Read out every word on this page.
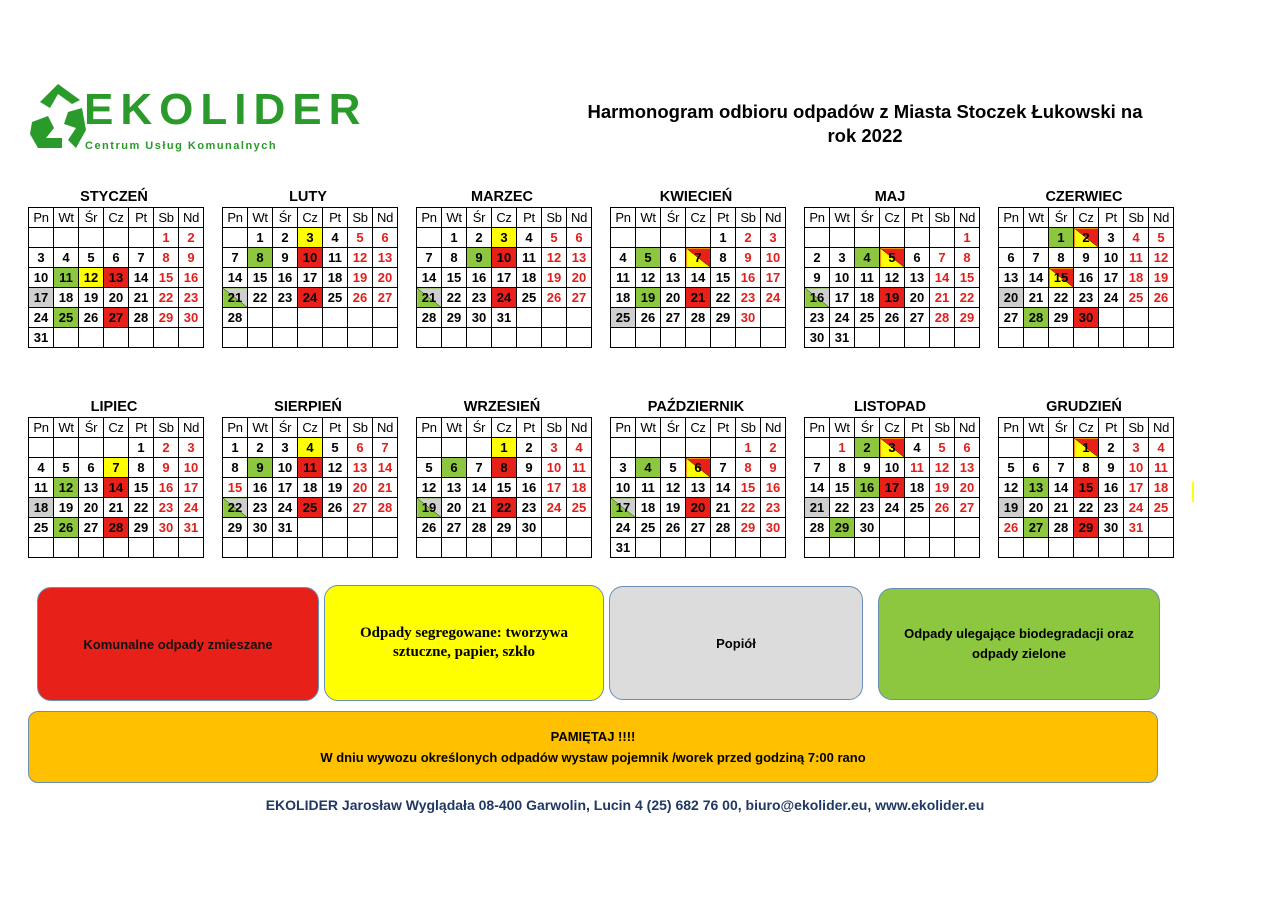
EKOLIDER
Centrum Usług Komunalnych
Harmonogram odbioru odpadów z Miasta Stoczek Łukowski na
rok 2022
STYCZEŃ
Pn	Wt	Śr	Cz	Pt	Sb	Nd
					1	2
3	4	5	6	7	8	9
10	11	12	13	14	15	16
17	18	19	20	21	22	23
24	25	26	27	28	29	30
31						
LUTY
Pn	Wt	Śr	Cz	Pt	Sb	Nd
	1	2	3	4	5	6
7	8	9	10	11	12	13
14	15	16	17	18	19	20
21	22	23	24	25	26	27
28						

MARZEC
Pn	Wt	Śr	Cz	Pt	Sb	Nd
	1	2	3	4	5	6
7	8	9	10	11	12	13
14	15	16	17	18	19	20
21	22	23	24	25	26	27
28	29	30	31			

KWIECIEŃ
Pn	Wt	Śr	Cz	Pt	Sb	Nd
				1	2	3
4	5	6	7	8	9	10
11	12	13	14	15	16	17
18	19	20	21	22	23	24
25	26	27	28	29	30	

MAJ
Pn	Wt	Śr	Cz	Pt	Sb	Nd
						1
2	3	4	5	6	7	8
9	10	11	12	13	14	15
16	17	18	19	20	21	22
23	24	25	26	27	28	29
30	31					
CZERWIEC
Pn	Wt	Śr	Cz	Pt	Sb	Nd
		1	2	3	4	5
6	7	8	9	10	11	12
13	14	15	16	17	18	19
20	21	22	23	24	25	26
27	28	29	30			

LIPIEC
Pn	Wt	Śr	Cz	Pt	Sb	Nd
				1	2	3
4	5	6	7	8	9	10
11	12	13	14	15	16	17
18	19	20	21	22	23	24
25	26	27	28	29	30	31

SIERPIEŃ
Pn	Wt	Śr	Cz	Pt	Sb	Nd
1	2	3	4	5	6	7
8	9	10	11	12	13	14
15	16	17	18	19	20	21
22	23	24	25	26	27	28
29	30	31				

WRZESIEŃ
Pn	Wt	Śr	Cz	Pt	Sb	Nd
			1	2	3	4
5	6	7	8	9	10	11
12	13	14	15	16	17	18
19	20	21	22	23	24	25
26	27	28	29	30		

PAŹDZIERNIK
Pn	Wt	Śr	Cz	Pt	Sb	Nd
					1	2
3	4	5	6	7	8	9
10	11	12	13	14	15	16
17	18	19	20	21	22	23
24	25	26	27	28	29	30
31						
LISTOPAD
Pn	Wt	Śr	Cz	Pt	Sb	Nd
	1	2	3	4	5	6
7	8	9	10	11	12	13
14	15	16	17	18	19	20
21	22	23	24	25	26	27
28	29	30				

GRUDZIEŃ
Pn	Wt	Śr	Cz	Pt	Sb	Nd
			1	2	3	4
5	6	7	8	9	10	11
12	13	14	15	16	17	18
19	20	21	22	23	24	25
26	27	28	29	30	31	

Komunalne odpady zmieszane
Odpady segregowane: tworzywa sztuczne, papier, szkło
Popiół
Odpady ulegające biodegradacji oraz odpady zielone
PAMIĘTAJ !!!!
W dniu wywozu określonych odpadów wystaw pojemnik /worek przed godziną 7:00 rano
EKOLIDER Jarosław Wyglądała 08-400 Garwolin, Lucin 4 (25) 682 76 00, biuro@ekolider.eu, www.ekolider.eu
